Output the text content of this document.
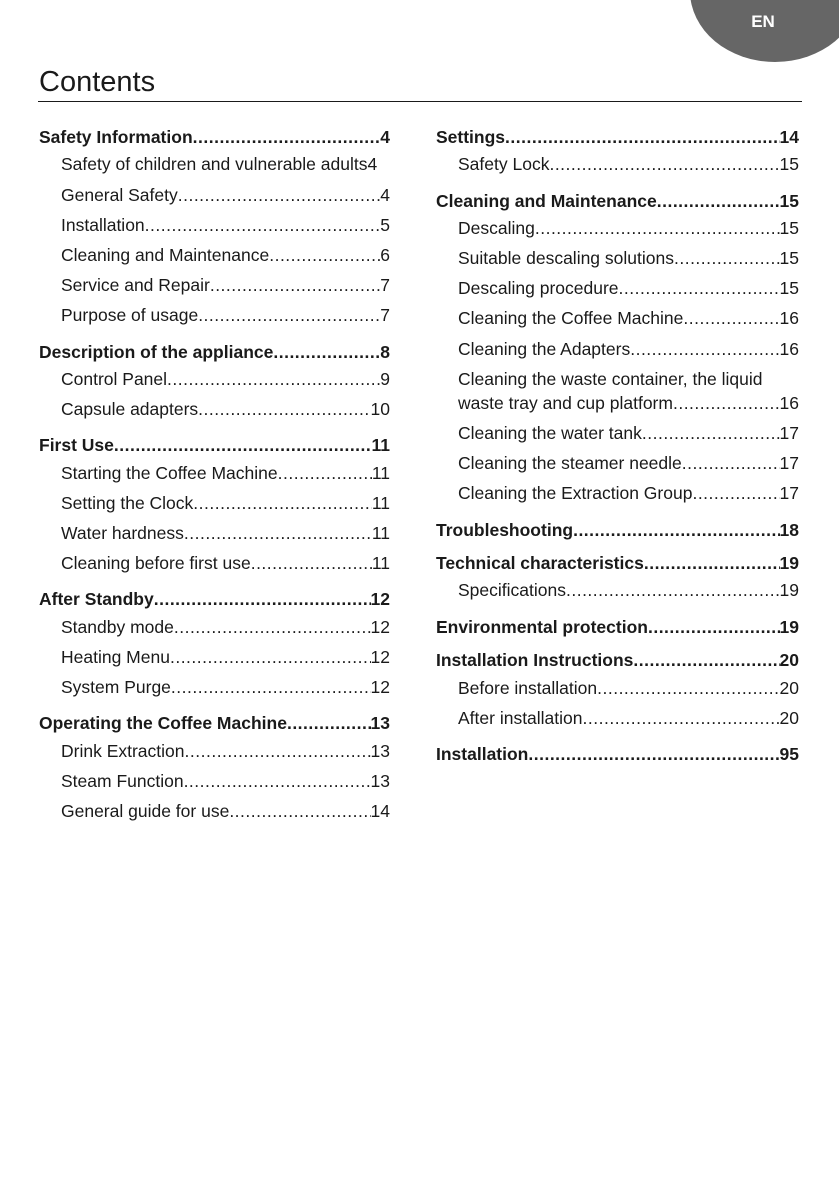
EN
Contents
Safety Information .....	4
Safety of children and vulnerable adults 4
General Safety .....	4
Installation .....	5
Cleaning and Maintenance .....	6
Service and Repair .....	7
Purpose of usage .....	7
Description of the appliance .....	8
Control Panel .....	9
Capsule adapters .....	10
First Use .....	11
Starting the Coffee Machine .....	11
Setting the Clock .....	11
Water hardness .....	11
Cleaning before first use .....	11
After Standby .....	12
Standby mode .....	12
Heating Menu .....	12
System Purge .....	12
Operating the Coffee Machine .....	13
Drink Extraction .....	13
Steam Function .....	13
General guide for use .....	14
Settings .....	14
Safety Lock .....	15
Cleaning and Maintenance .....	15
Descaling .....	15
Suitable descaling solutions .....	15
Descaling procedure .....	15
Cleaning the Coffee Machine .....	16
Cleaning the Adapters .....	16
Cleaning the waste container, the liquid
waste tray and cup platform .....	16
Cleaning the water tank .....	17
Cleaning the steamer needle .....	17
Cleaning the Extraction Group .....	17
Troubleshooting .....	18
Technical characteristics .....	19
Specifications .....	19
Environmental protection .....	19
Installation Instructions .....	20
Before installation .....	20
After installation .....	20
Installation .....	95
